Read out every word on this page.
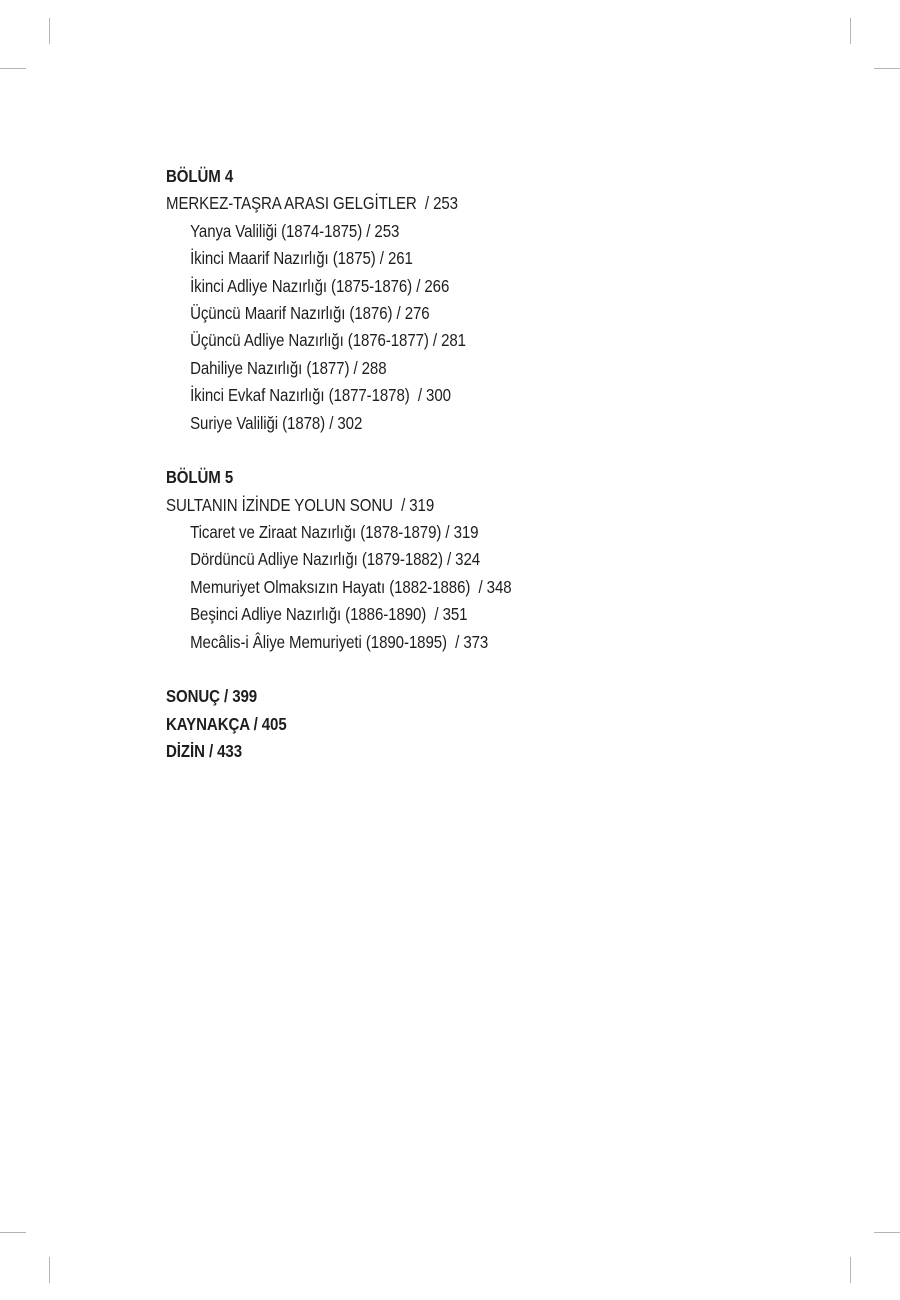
BÖLÜM 4
MERKEZ-TAŞRA ARASI GELGİTLER  / 253
Yanya Valiliği (1874-1875) / 253
İkinci Maarif Nazırlığı (1875) / 261
İkinci Adliye Nazırlığı (1875-1876) / 266
Üçüncü Maarif Nazırlığı (1876) / 276
Üçüncü Adliye Nazırlığı (1876-1877) / 281
Dahiliye Nazırlığı (1877) / 288
İkinci Evkaf Nazırlığı (1877-1878)  / 300
Suriye Valiliği (1878) / 302
BÖLÜM 5
SULTANIN İZİNDE YOLUN SONU  / 319
Ticaret ve Ziraat Nazırlığı (1878-1879) / 319
Dördüncü Adliye Nazırlığı (1879-1882) / 324
Memuriyet Olmaksızın Hayatı (1882-1886)  / 348
Beşinci Adliye Nazırlığı (1886-1890)  / 351
Mecâlis-i Âliye Memuriyeti (1890-1895)  / 373
SONUÇ / 399
KAYNAKÇA / 405
DİZİN / 433
